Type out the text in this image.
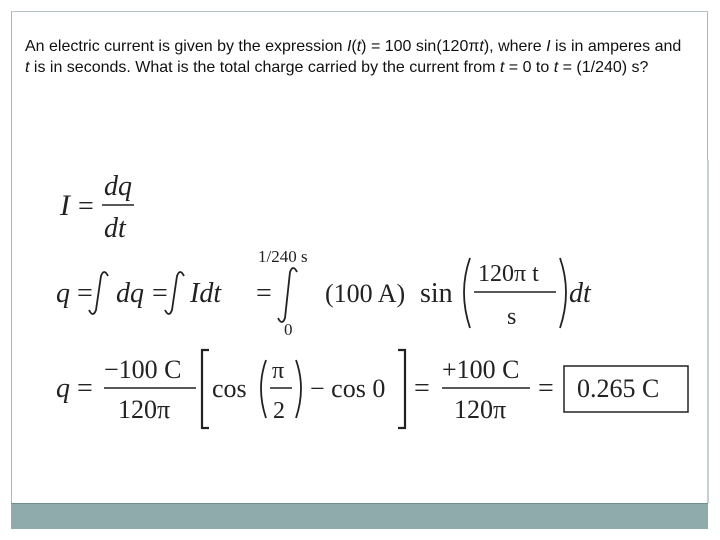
An electric current is given by the expression I(t) = 100 sin(120πt), where I is in amperes and t is in seconds. What is the total charge carried by the current from t = 0 to t = (1/240) s?
I =
dq
dt
q = dq = Idt =
1/240 s
0
(100 A) sin
120π t
s
dt
q =
−100 C
120π
cos
π
2
− cos 0 =
+100 C
120π
= 0.265 C
